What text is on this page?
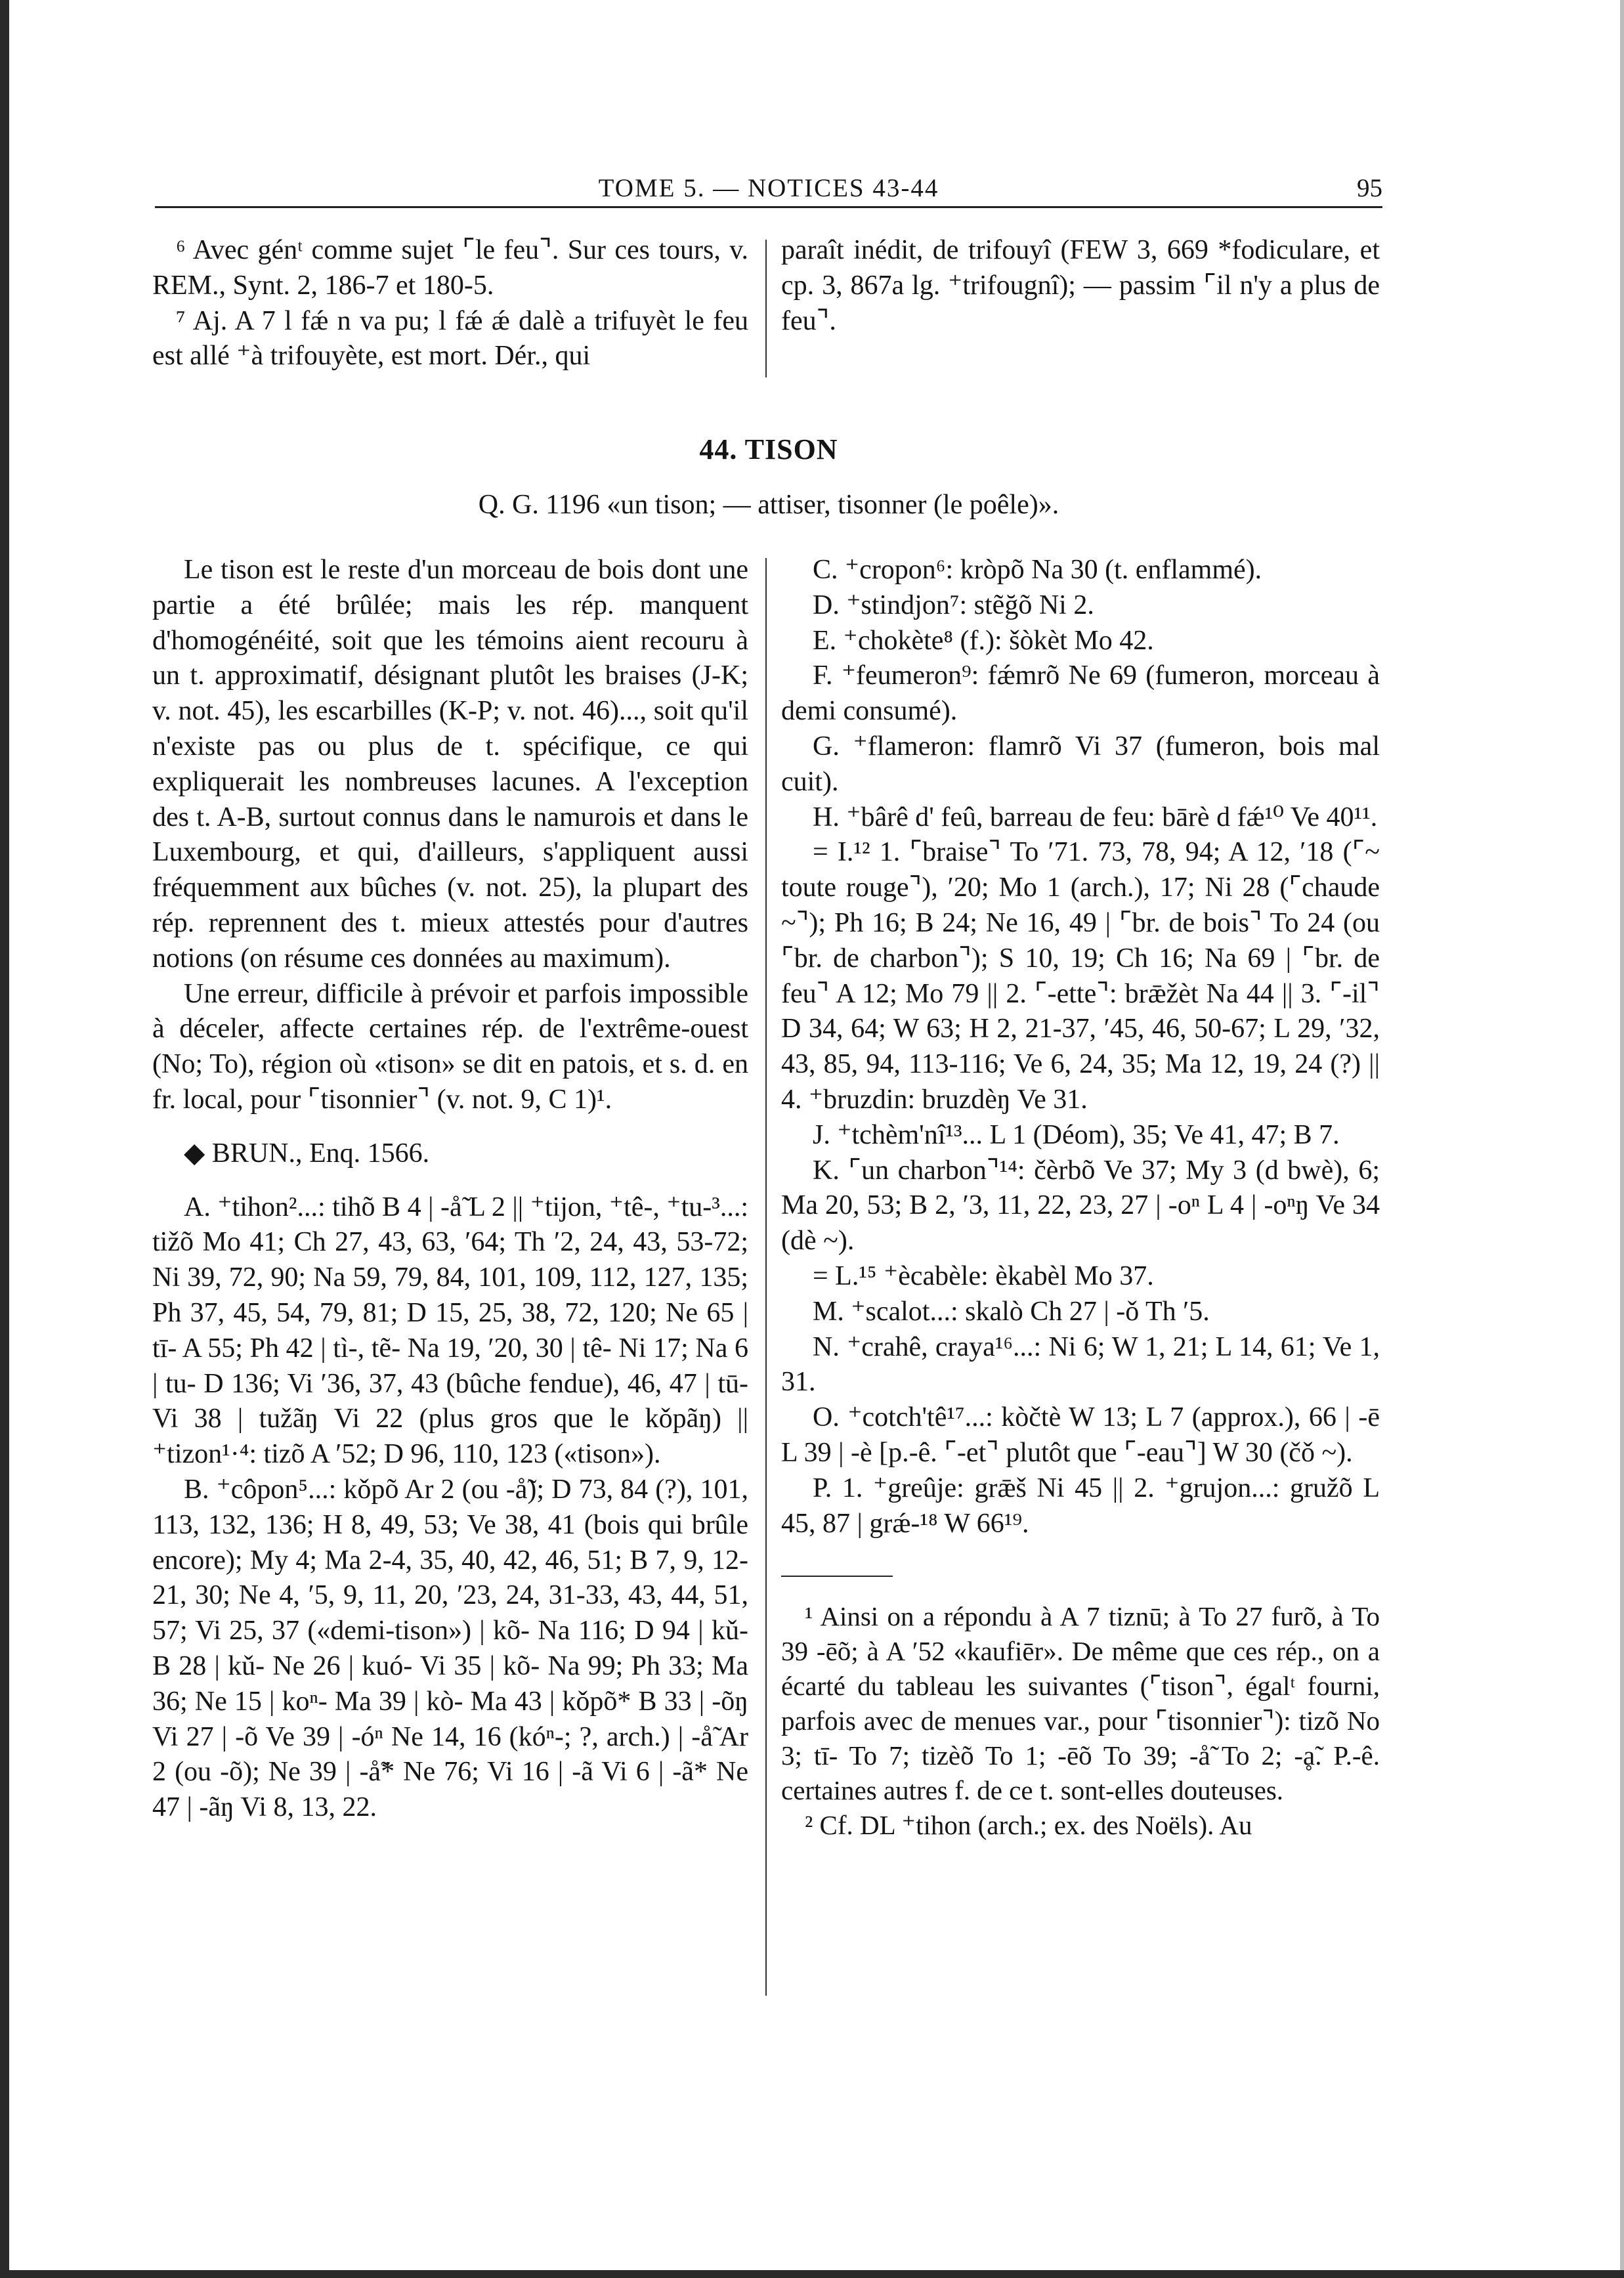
TOME 5. — NOTICES 43-44	95

⁶ Avec génᵗ comme sujet ⌜le feu⌝. Sur ces tours, v. REM., Synt. 2, 186-7 et 180-5.

⁷ Aj. A 7 l fǽ n va pu; l fǽ ǽ dalè a trifuyèt le feu est allé ⁺à trifouyète, est mort. Dér., qui

paraît inédit, de trifouyî (FEW 3, 669 *fodiculare, et cp. 3, 867a lg. ⁺trifougnî); — passim ⌜il n'y a plus de feu⌝.

44. TISON
Q. G. 1196 «un tison; — attiser, tisonner (le poêle)».

Le tison est le reste d'un morceau de bois dont une partie a été brûlée; mais les rép. manquent d'homogénéité, soit que les témoins aient recouru à un t. approximatif, désignant plutôt les braises (J-K; v. not. 45), les escarbilles (K-P; v. not. 46)..., soit qu'il n'existe pas ou plus de t. spécifique, ce qui expliquerait les nombreuses lacunes. A l'exception des t. A-B, surtout connus dans le namurois et dans le Luxembourg, et qui, d'ailleurs, s'appliquent aussi fréquemment aux bûches (v. not. 25), la plupart des rép. reprennent des t. mieux attestés pour d'autres notions (on résume ces données au maximum).

Une erreur, difficile à prévoir et parfois impossible à déceler, affecte certaines rép. de l'extrême-ouest (No; To), région où «tison» se dit en patois, et s. d. en fr. local, pour ⌜tisonnier⌝ (v. not. 9, C 1)¹.

◆ BRUN., Enq. 1566.

A. ⁺tihon²...: tihõ B 4 | -å̃ L 2 || ⁺tijon, ⁺tê-, ⁺tu-³...: tižõ Mo 41; Ch 27, 43, 63, ′64; Th ′2, 24, 43, 53-72; Ni 39, 72, 90; Na 59, 79, 84, 101, 109, 112, 127, 135; Ph 37, 45, 54, 79, 81; D 15, 25, 38, 72, 120; Ne 65 | tī- A 55; Ph 42 | tì-, tẽ- Na 19, ′20, 30 | tê- Ni 17; Na 6 | tu- D 136; Vi ′36, 37, 43 (bûche fendue), 46, 47 | tū- Vi 38 | tužãŋ Vi 22 (plus gros que le kǒpãŋ) || ⁺tizon¹·⁴: tizõ A ′52; D 96, 110, 123 («tison»).

B. ⁺côpon⁵...: kǒpõ Ar 2 (ou -å̃); D 73, 84 (?), 101, 113, 132, 136; H 8, 49, 53; Ve 38, 41 (bois qui brûle encore); My 4; Ma 2-4, 35, 40, 42, 46, 51; B 7, 9, 12-21, 30; Ne 4, ′5, 9, 11, 20, ′23, 24, 31-33, 43, 44, 51, 57; Vi 25, 37 («demi-tison») | kõ- Na 116; D 94 | kǔ- B 28 | kǔ- Ne 26 | kuó- Vi 35 | kõ- Na 99; Ph 33; Ma 36; Ne 15 | koⁿ- Ma 39 | kò- Ma 43 | kǒpõ* B 33 | -õŋ Vi 27 | -õ Ve 39 | -óⁿ Ne 14, 16 (kóⁿ-; ?, arch.) | -å̃ Ar 2 (ou -õ); Ne 39 | -å̃* Ne 76; Vi 16 | -ã Vi 6 | -ã* Ne 47 | -ãŋ Vi 8, 13, 22.

C. ⁺cropon⁶: kròpõ Na 30 (t. enflammé).

D. ⁺stindjon⁷: stẽğõ Ni 2.

E. ⁺chokète⁸ (f.): šòkèt Mo 42.

F. ⁺feumeron⁹: fǽmrõ Ne 69 (fumeron, morceau à demi consumé).

G. ⁺flameron: flamrõ Vi 37 (fumeron, bois mal cuit).

H. ⁺bârê d' feû, barreau de feu: bārè d fǽ¹⁰ Ve 40¹¹.

= I.¹² 1. ⌜braise⌝ To ′71. 73, 78, 94; A 12, ′18 (⌜~ toute rouge⌝), ′20; Mo 1 (arch.), 17; Ni 28 (⌜chaude ~⌝); Ph 16; B 24; Ne 16, 49 | ⌜br. de bois⌝ To 24 (ou ⌜br. de charbon⌝); S 10, 19; Ch 16; Na 69 | ⌜br. de feu⌝ A 12; Mo 79 || 2. ⌜-ette⌝: brǣžèt Na 44 || 3. ⌜-il⌝ D 34, 64; W 63; H 2, 21-37, ′45, 46, 50-67; L 29, ′32, 43, 85, 94, 113-116; Ve 6, 24, 35; Ma 12, 19, 24 (?) || 4. ⁺bruzdin: bruzdèŋ Ve 31.

J. ⁺tchèm'nî¹³... L 1 (Déom), 35; Ve 41, 47; B 7.

K. ⌜un charbon⌝¹⁴: čèrbõ Ve 37; My 3 (d bwè), 6; Ma 20, 53; B 2, ′3, 11, 22, 23, 27 | -oⁿ L 4 | -oⁿŋ Ve 34 (dè ~).

= L.¹⁵ ⁺ècabèle: èkabèl Mo 37.

M. ⁺scalot...: skalò Ch 27 | -ǒ Th ′5.

N. ⁺crahê, craya¹⁶...: Ni 6; W 1, 21; L 14, 61; Ve 1, 31.

O. ⁺cotch'tê¹⁷...: kòčtè W 13; L 7 (approx.), 66 | -ē L 39 | -è [p.-ê. ⌜-et⌝ plutôt que ⌜-eau⌝] W 30 (čǒ ~).

P. 1. ⁺greûje: grǣš Ni 45 || 2. ⁺grujon...: gružõ L 45, 87 | grǽ-¹⁸ W 66¹⁹.

¹ Ainsi on a répondu à A 7 tiznū; à To 27 furõ, à To 39 -ēõ; à A ′52 «kaufiēr». De même que ces rép., on a écarté du tableau les suivantes (⌜tison⌝, égalᵗ fourni, parfois avec de menues var., pour ⌜tisonnier⌝): tizõ No 3; tī- To 7; tizèõ To 1; -ēõ To 39; -å̃ To 2; -ḁ̃. P.-ê. certaines autres f. de ce t. sont-elles douteuses.

² Cf. DL ⁺tihon (arch.; ex. des Noëls). Au
